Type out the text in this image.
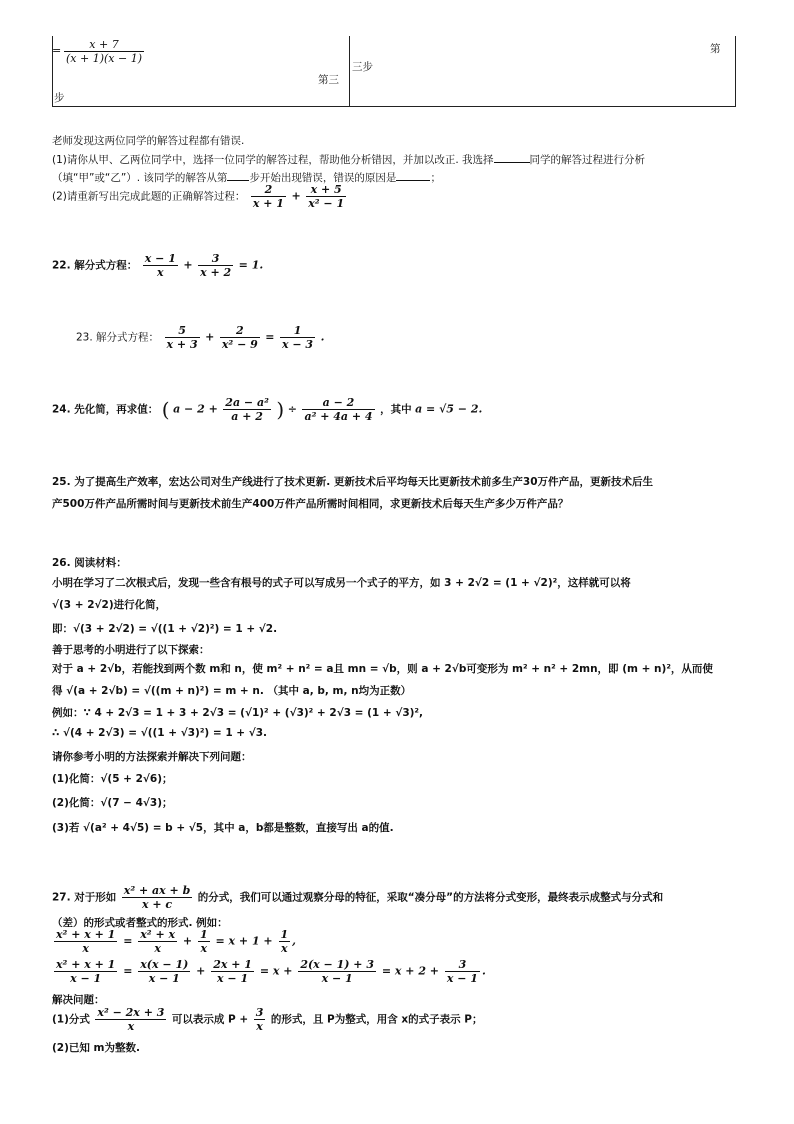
= $\frac{x + 7}{(x + 1)(x - 1)}$
第三
步
第
三步
老师发现这两位同学的解答过程都有错误.
(1)请你从甲、乙两位同学中，选择一位同学的解答过程，帮助他分析错因，并加以改正. 我选择	同学的解答过程进行分析
（填“甲”或“乙”）. 该同学的解答从第 步开始出现错误，错误的原因是	；
(2)请重新写出完成此题的正确解答过程： $\frac{2}{x + 1} + \frac{x + 5}{\text{x² − 1}}$
22. 解分式方程： $\frac{x - 1}{x} + \frac{3}{x + 2} = 1$.
23. 解分式方程： $\frac{5}{x + 3} + \frac{2}{\text{x² − 9}} = \frac{1}{x - 3}$ .
24. 先化简，再求值： ( $a - 2 + \frac{\text{2a − a²}}{a + 2}$ ) ÷ $\frac{a - 2}{\text{a² + 4a + 4}}$ ，其中 a = √5 − 2.
25. 为了提高生产效率，宏达公司对生产线进行了技术更新. 更新技术后平均每天比更新技术前多生产30万件产品，更新技术后生
产500万件产品所需时间与更新技术前生产400万件产品所需时间相同，求更新技术后每天生产多少万件产品？
26. 阅读材料：
小明在学习了二次根式后，发现一些含有根号的式子可以写成另一个式子的平方，如 3 + 2√2 = (1 + √2)²，这样就可以将
√(3 + 2√2)进行化简，
即：√(3 + 2√2) = √((1 + √2)²) = 1 + √2.
善于思考的小明进行了以下探索：
对于 a + 2√b，若能找到两个数 m和 n，使 m² + n² = a且 mn = √b，则 a + 2√b可变形为 m² + n² + 2mn，即 (m + n)²，从而使
得 √(a + 2√b) = √((m + n)²) = m + n. （其中 a, b, m, n均为正数）
例如：∵ 4 + 2√3 = 1 + 3 + 2√3 = (√1)² + (√3)² + 2√3 = (1 + √3)²,
∴ √(4 + 2√3) = √((1 + √3)²) = 1 + √3.
请你参考小明的方法探索并解决下列问题：
(1)化简：√(5 + 2√6)；
(2)化简：√(7 − 4√3)；
(3)若 √(a² + 4√5) = b + √5，其中 a，b都是整数，直接写出 a的值.
27. 对于形如 $\frac{\text{x² + ax + b}}{x + c}$ 的分式，我们可以通过观察分母的特征，采取“凑分母”的方法将分式变形，最终表示成整式与分式和
（差）的形式或者整式的形式. 例如：
$\frac{\text{x² + x + 1}}{x} = \frac{\text{x² + x}}{x} + \frac{1}{x} = x + 1 + \frac{1}{x}$ ,
$\frac{\text{x² + x + 1}}{x - 1} = \frac{x(x - 1)}{x - 1} + \frac{2x + 1}{x - 1} = x + \frac{2(x - 1) + 3}{x - 1} = x + 2 + \frac{3}{x - 1}$ .
解决问题：
(1)分式 $\frac{\text{x² − 2x + 3}}{x}$ 可以表示成 $P + \frac{3}{x}$ 的形式，且 P为整式，用含 x的式子表示 P；
(2)已知 m为整数.
